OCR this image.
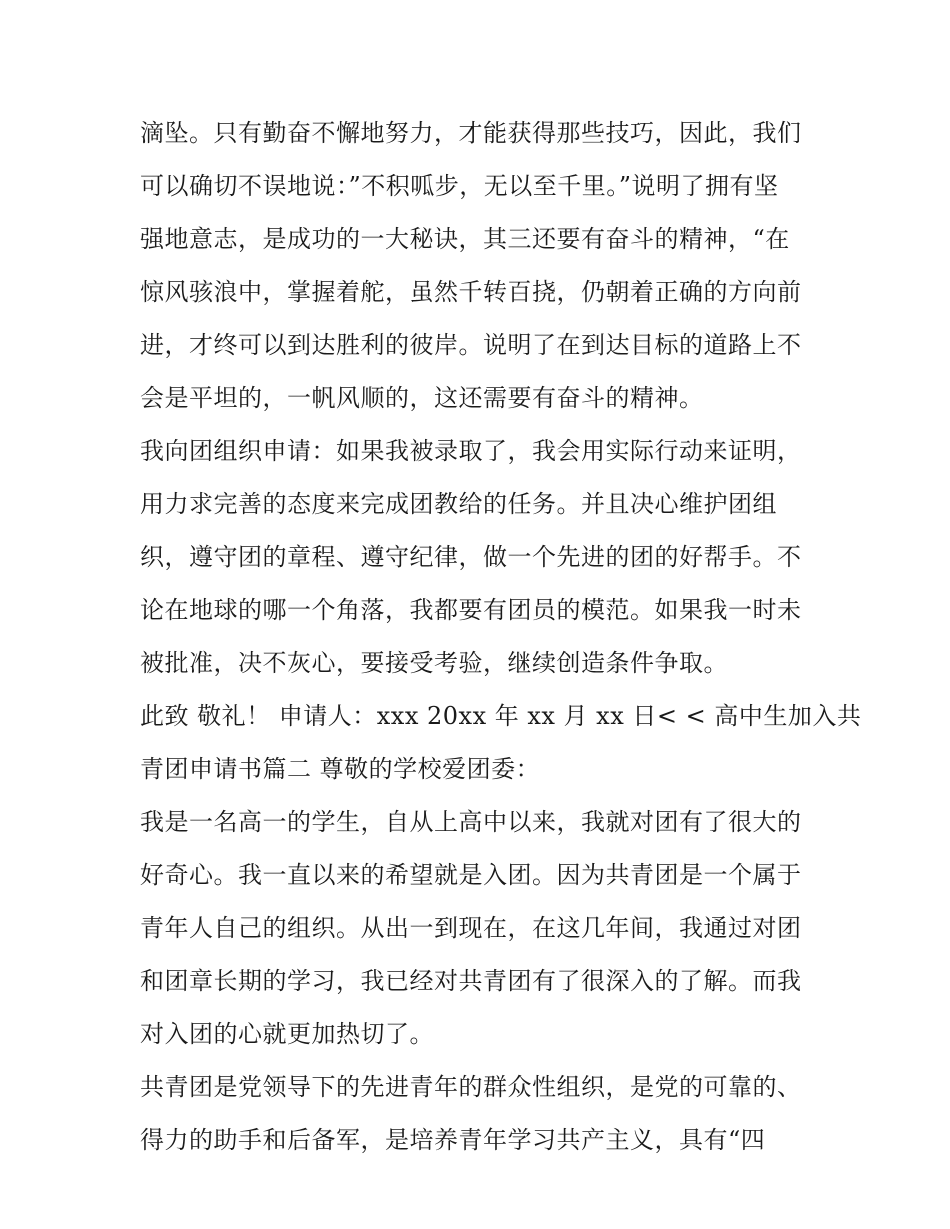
滴坠。只有勤奋不懈地努力，才能获得那些技巧，因此，我们
可以确切不误地说：”不积呱步，无以至千里。”说明了拥有坚
强地意志，是成功的一大秘诀，其三还要有奋斗的精神，“在
惊风骇浪中，掌握着舵，虽然千转百挠，仍朝着正确的方向前
进，才终可以到达胜利的彼岸。说明了在到达目标的道路上不
会是平坦的，一帆风顺的，这还需要有奋斗的精神。
我向团组织申请：如果我被录取了，我会用实际行动来证明，
用力求完善的态度来完成团教给的任务。并且决心维护团组
织，遵守团的章程、遵守纪律，做一个先进的团的好帮手。不
论在地球的哪一个角落，我都要有团员的模范。如果我一时未
被批准，决不灰心，要接受考验，继续创造条件争取。
此致 敬礼！ 申请人：xxx 20xx 年 xx 月 xx 日< < 高中生加入共
青团申请书篇二 尊敬的学校爱团委：
我是一名高一的学生，自从上高中以来，我就对团有了很大的
好奇心。我一直以来的希望就是入团。因为共青团是一个属于
青年人自己的组织。从出一到现在，在这几年间，我通过对团
和团章长期的学习，我已经对共青团有了很深入的了解。而我
对入团的心就更加热切了。
共青团是党领导下的先进青年的群众性组织，是党的可靠的、
得力的助手和后备军，是培养青年学习共产主义，具有“四
